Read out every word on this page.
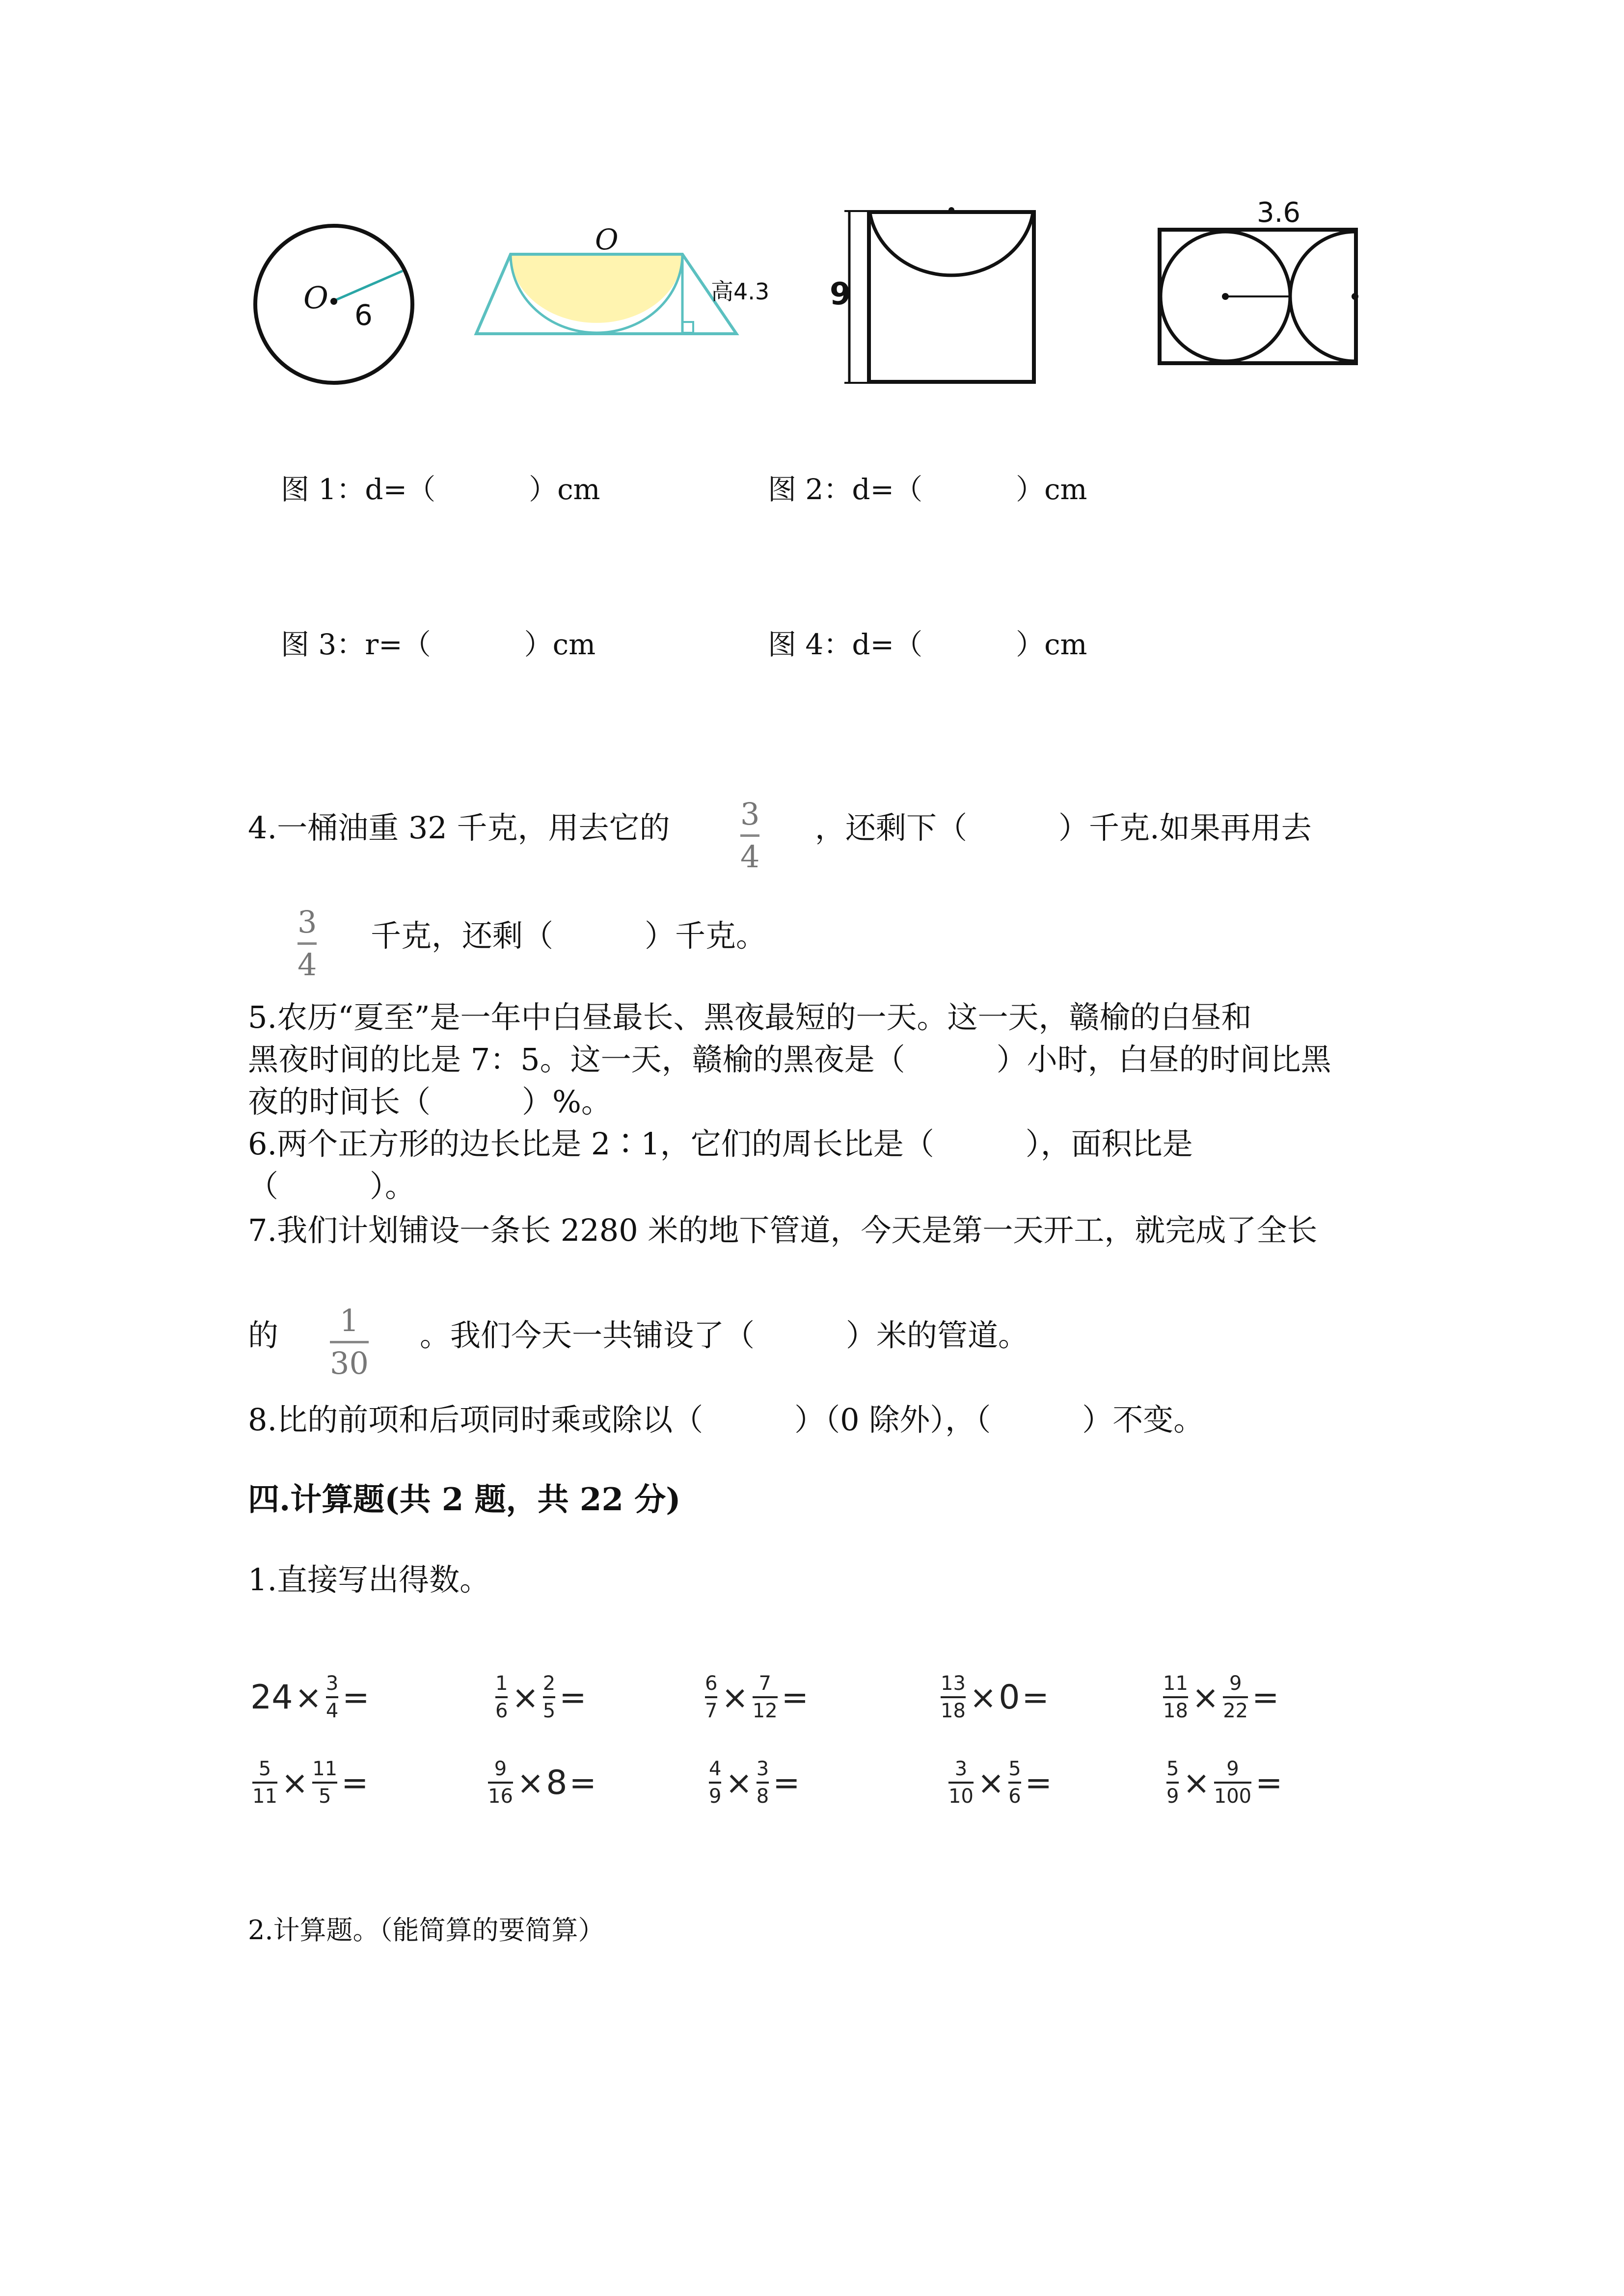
O 6
O
高4.3 9
3.6
图 1：d=（	）cm	图 2：d=（	）cm
图 3：r=（	）cm	图 4：d=（	）cm
4.一桶油重 32 千克，用去它的 3
4
，还剩下（　　　）千克.如果再用去
3
4
千克，还剩（　　　）千克。
5.农历“夏至”是一年中白昼最长、黑夜最短的一天。这一天，赣榆的白昼和
黑夜时间的比是 7：5。这一天，赣榆的黑夜是（　　　）小时，白昼的时间比黑
夜的时间长（　　　）%。
6.两个正方形的边长比是 2∶1，它们的周长比是（　　　），面积比是
（　　　）。
7.我们计划铺设一条长 2280 米的地下管道，今天是第一天开工，就完成了全长
的 1
30
。我们今天一共铺设了（　　　）米的管道。
8.比的前项和后项同时乘或除以（　　　）（0 除外），（　　　）不变。
四.计算题(共 2 题，共 22 分)
1.直接写出得数。
24 × 3
4 =	1
6 × 2
5 =	6
7 × 7
12 =	13
18 × 0 =	11
18 × 9
22 =
5
11 × 11
5 =	9
16 × 8 =	4
9 × 3
8 =	3
10 × 5
6 =	5
9 × 9
100 =
2.计算题。（能简算的要简算）
